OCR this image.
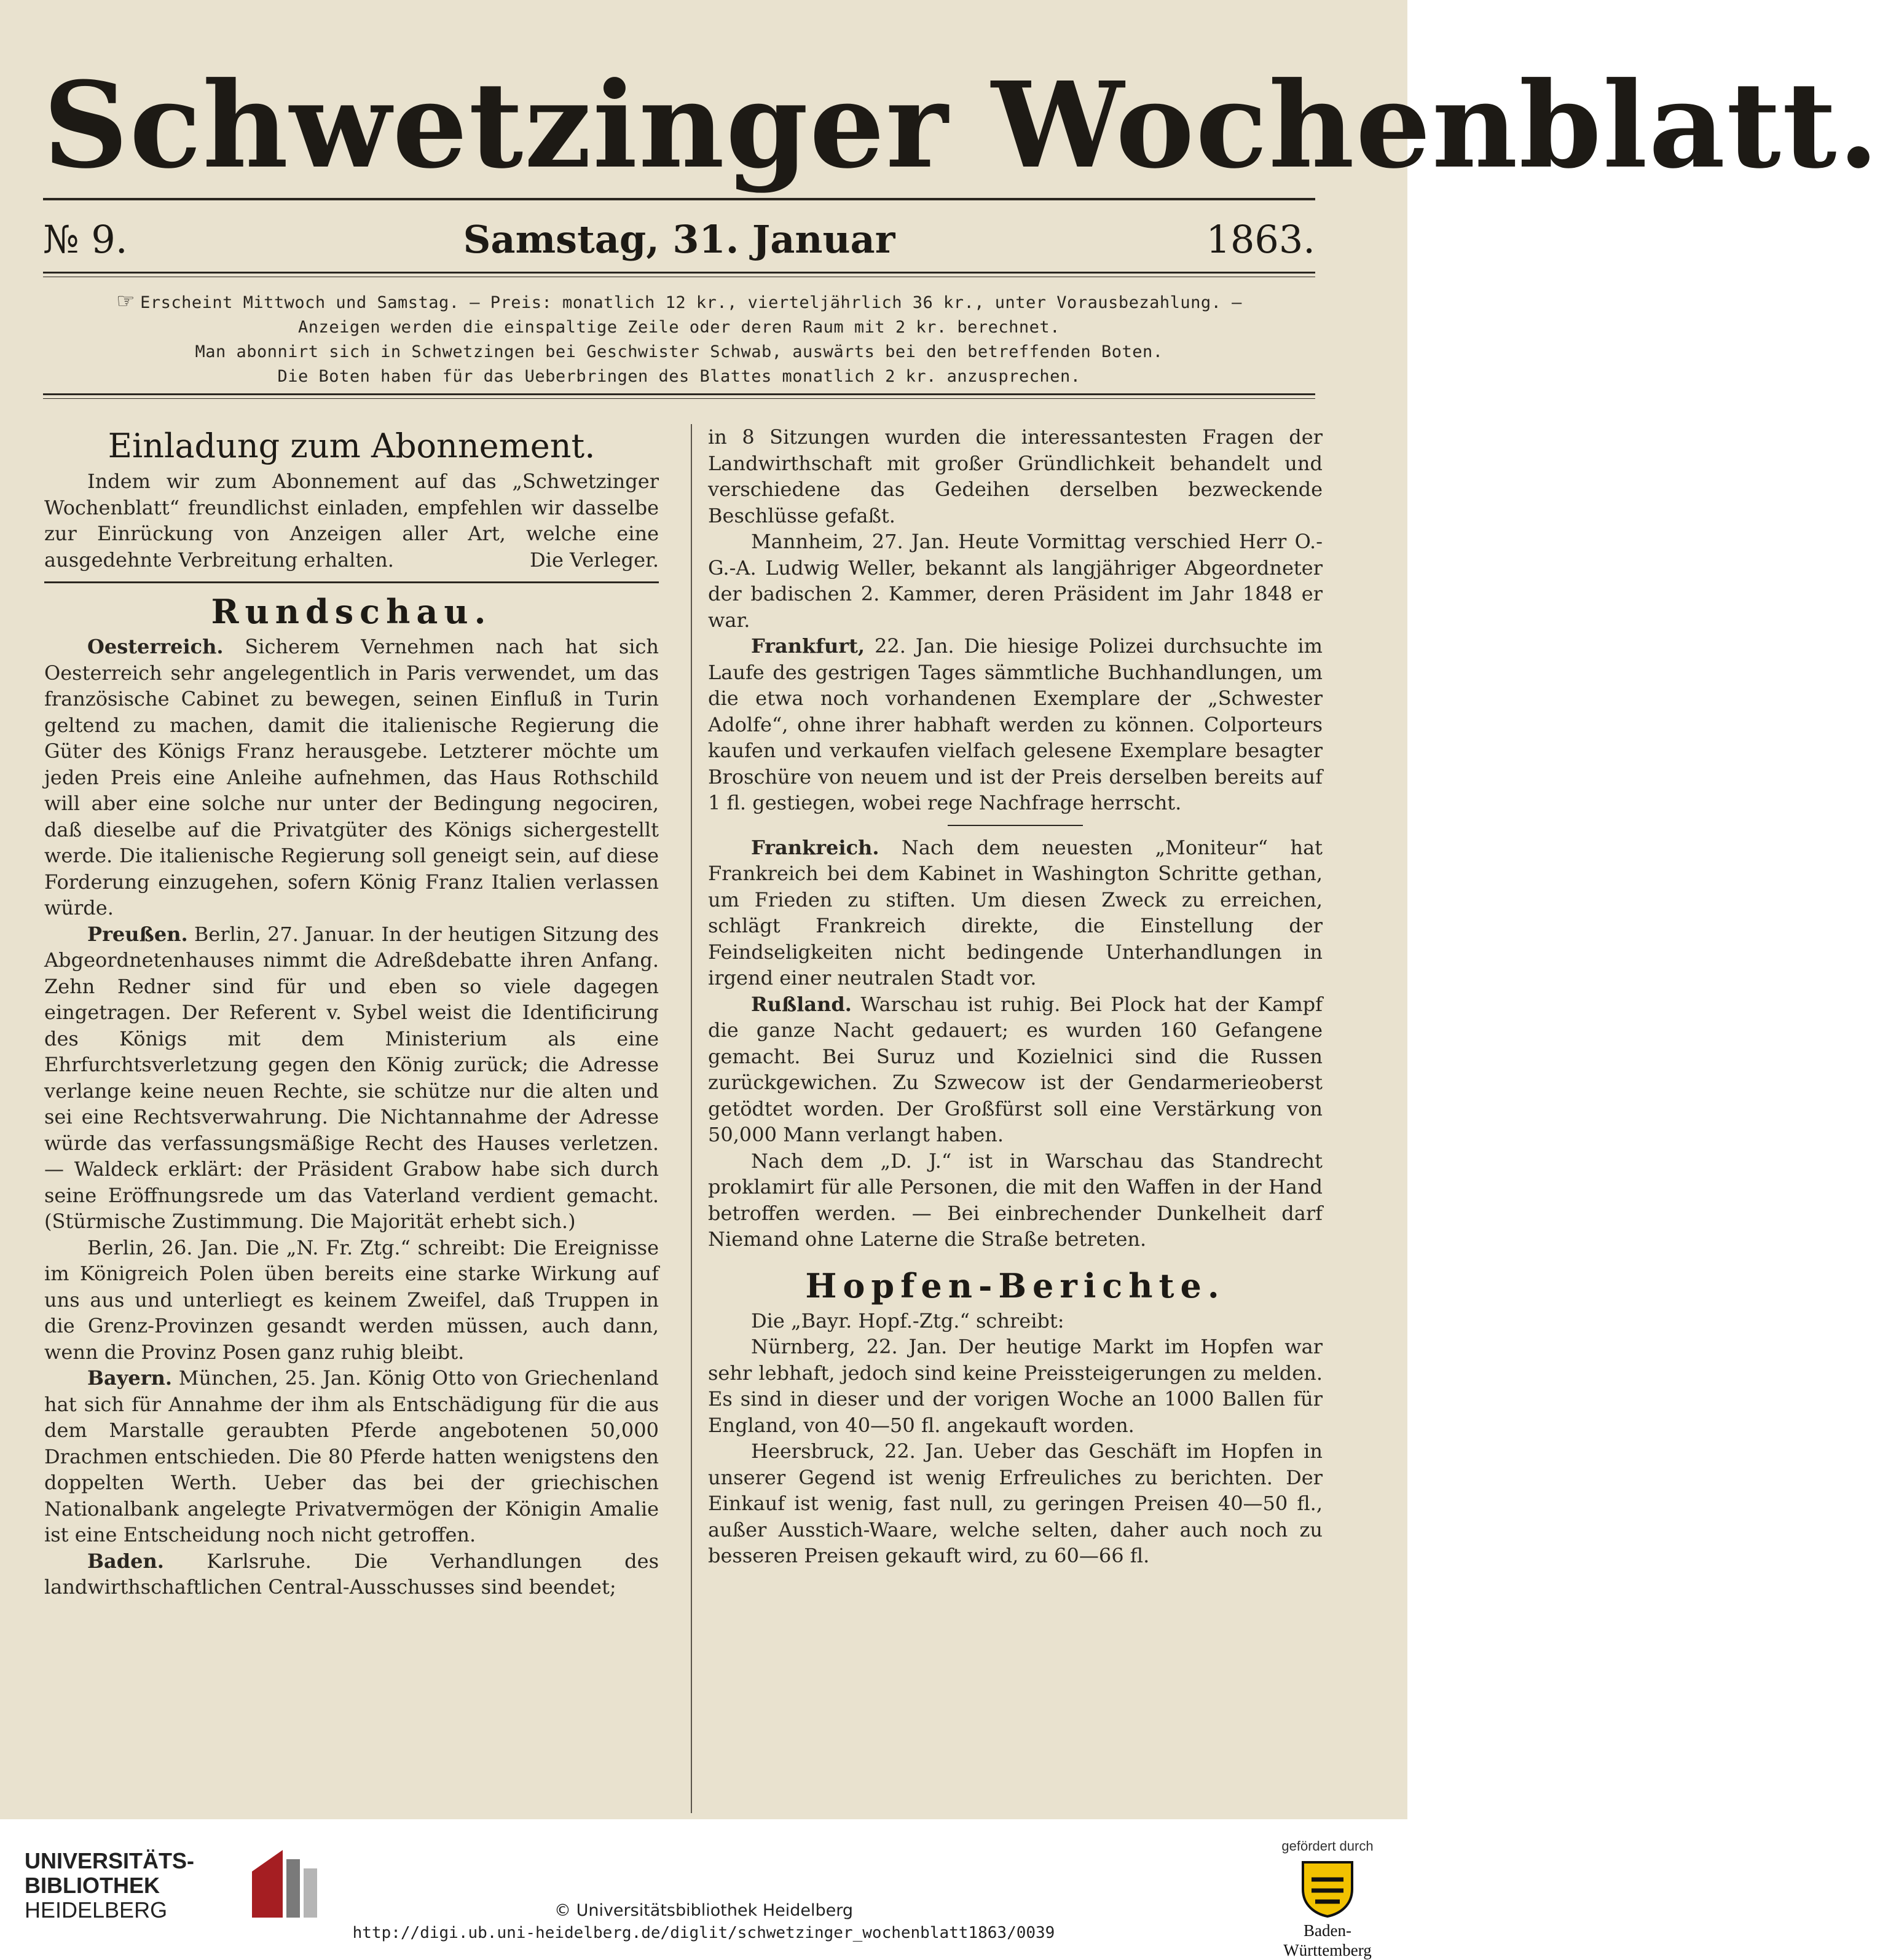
Schwetzinger Wochenblatt.
№ 9.	Samstag, 31. Januar	1863.
☞ Erscheint Mittwoch und Samstag. — Preis: monatlich 12 kr., vierteljährlich 36 kr., unter Vorausbezahlung. —
Anzeigen werden die einspaltige Zeile oder deren Raum mit 2 kr. berechnet.
Man abonnirt sich in Schwetzingen bei Geschwister Schwab, auswärts bei den betreffenden Boten.
Die Boten haben für das Ueberbringen des Blattes monatlich 2 kr. anzusprechen.
Einladung zum Abonnement.

Indem wir zum Abonnement auf das „Schwetzinger Wochenblatt“ freundlichst einladen, empfehlen wir dasselbe zur Einrückung von Anzeigen aller Art, welche eine ausgedehnte Verbreitung erhalten.	Die Verleger.

Rundschau.

Oesterreich. Sicherem Vernehmen nach hat sich Oesterreich sehr angelegentlich in Paris verwendet, um das französische Cabinet zu bewegen, seinen Einfluß in Turin geltend zu machen, damit die italienische Regierung die Güter des Königs Franz herausgebe. Letzterer möchte um jeden Preis eine Anleihe aufnehmen, das Haus Rothschild will aber eine solche nur unter der Bedingung negociren, daß dieselbe auf die Privatgüter des Königs sichergestellt werde. Die italienische Regierung soll geneigt sein, auf diese Forderung einzugehen, sofern König Franz Italien verlassen würde.

Preußen. Berlin, 27. Januar. In der heutigen Sitzung des Abgeordnetenhauses nimmt die Adreßdebatte ihren Anfang. Zehn Redner sind für und eben so viele dagegen eingetragen. Der Referent v. Sybel weist die Identificirung des Königs mit dem Ministerium als eine Ehrfurchtsverletzung gegen den König zurück; die Adresse verlange keine neuen Rechte, sie schütze nur die alten und sei eine Rechtsverwahrung. Die Nichtannahme der Adresse würde das verfassungsmäßige Recht des Hauses verletzen. — Waldeck erklärt: der Präsident Grabow habe sich durch seine Eröffnungsrede um das Vaterland verdient gemacht. (Stürmische Zustimmung. Die Majorität erhebt sich.)

Berlin, 26. Jan. Die „N. Fr. Ztg.“ schreibt: Die Ereignisse im Königreich Polen üben bereits eine starke Wirkung auf uns aus und unterliegt es keinem Zweifel, daß Truppen in die Grenz-Provinzen gesandt werden müssen, auch dann, wenn die Provinz Posen ganz ruhig bleibt.

Bayern. München, 25. Jan. König Otto von Griechenland hat sich für Annahme der ihm als Entschädigung für die aus dem Marstalle geraubten Pferde angebotenen 50,000 Drachmen entschieden. Die 80 Pferde hatten wenigstens den doppelten Werth. Ueber das bei der griechischen Nationalbank angelegte Privatvermögen der Königin Amalie ist eine Entscheidung noch nicht getroffen.

Baden. Karlsruhe. Die Verhandlungen des landwirthschaftlichen Central-Ausschusses sind beendet;

in 8 Sitzungen wurden die interessantesten Fragen der Landwirthschaft mit großer Gründlichkeit behandelt und verschiedene das Gedeihen derselben bezweckende Beschlüsse gefaßt.

Mannheim, 27. Jan. Heute Vormittag verschied Herr O.-G.-A. Ludwig Weller, bekannt als langjähriger Abgeordneter der badischen 2. Kammer, deren Präsident im Jahr 1848 er war.

Frankfurt, 22. Jan. Die hiesige Polizei durchsuchte im Laufe des gestrigen Tages sämmtliche Buchhandlungen, um die etwa noch vorhandenen Exemplare der „Schwester Adolfe“, ohne ihrer habhaft werden zu können. Colporteurs kaufen und verkaufen vielfach gelesene Exemplare besagter Broschüre von neuem und ist der Preis derselben bereits auf 1 fl. gestiegen, wobei rege Nachfrage herrscht.

Frankreich. Nach dem neuesten „Moniteur“ hat Frankreich bei dem Kabinet in Washington Schritte gethan, um Frieden zu stiften. Um diesen Zweck zu erreichen, schlägt Frankreich direkte, die Einstellung der Feindseligkeiten nicht bedingende Unterhandlungen in irgend einer neutralen Stadt vor.

Rußland. Warschau ist ruhig. Bei Plock hat der Kampf die ganze Nacht gedauert; es wurden 160 Gefangene gemacht. Bei Suruz und Kozielnici sind die Russen zurückgewichen. Zu Szwecow ist der Gendarmerieoberst getödtet worden. Der Großfürst soll eine Verstärkung von 50,000 Mann verlangt haben.

Nach dem „D. J.“ ist in Warschau das Standrecht proklamirt für alle Personen, die mit den Waffen in der Hand betroffen werden. — Bei einbrechender Dunkelheit darf Niemand ohne Laterne die Straße betreten.

Hopfen-Berichte.

Die „Bayr. Hopf.-Ztg.“ schreibt:

Nürnberg, 22. Jan. Der heutige Markt im Hopfen war sehr lebhaft, jedoch sind keine Preissteigerungen zu melden. Es sind in dieser und der vorigen Woche an 1000 Ballen für England, von 40—50 fl. angekauft worden.

Heersbruck, 22. Jan. Ueber das Geschäft im Hopfen in unserer Gegend ist wenig Erfreuliches zu berichten. Der Einkauf ist wenig, fast null, zu geringen Preisen 40—50 fl., außer Ausstich-Waare, welche selten, daher auch noch zu besseren Preisen gekauft wird, zu 60—66 fl.

UNIVERSITÄTS-
BIBLIOTHEK
HEIDELBERG	© Universitätsbibliothek Heidelberg
http://digi.ub.uni-heidelberg.de/diglit/schwetzinger_wochenblatt1863/0039
gefördert durch
Baden-Württemberg
